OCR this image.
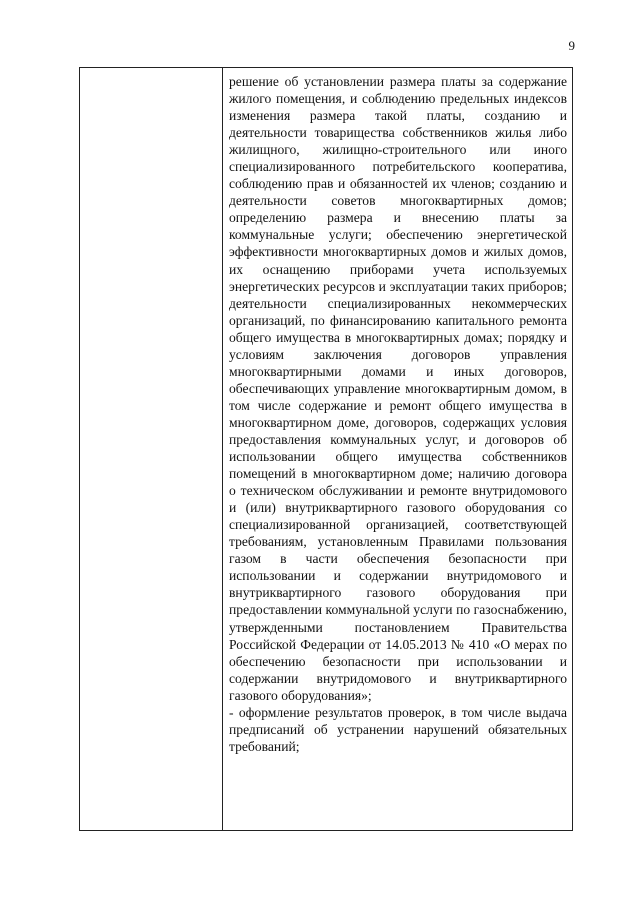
9

решение об установлении размера платы за содержание жилого помещения, и соблюдению предельных индексов изменения размера такой платы, созданию и деятельности товарищества собственников жилья либо жилищного, жилищно-строительного или иного специализированного потребительского кооператива, соблюдению прав и обязанностей их членов; созданию и деятельности советов многоквартирных домов; определению размера и внесению платы за коммунальные услуги; обеспечению энергетической эффективности многоквартирных домов и жилых домов, их оснащению приборами учета используемых энергетических ресурсов и эксплуатации таких приборов; деятельности специализированных некоммерческих организаций, по финансированию капитального ремонта общего имущества в многоквартирных домах; порядку и условиям заключения договоров управления многоквартирными домами и иных договоров, обеспечивающих управление многоквартирным домом, в том числе содержание и ремонт общего имущества в многоквартирном доме, договоров, содержащих условия предоставления коммунальных услуг, и договоров об использовании общего имущества собственников помещений в многоквартирном доме; наличию договора о техническом обслуживании и ремонте внутридомового и (или) внутриквартирного газового оборудования со специализированной организацией, соответствующей требованиям, установленным Правилами пользования газом в части обеспечения безопасности при использовании и содержании внутридомового и внутриквартирного газового оборудования при предоставлении коммунальной услуги по газоснабжению, утвержденными постановлением Правительства Российской Федерации от 14.05.2013 № 410 «О мерах по обеспечению безопасности при использовании и содержании внутридомового и внутриквартирного газового оборудования»;

- оформление результатов проверок, в том числе выдача предписаний об устранении нарушений обязательных требований;
